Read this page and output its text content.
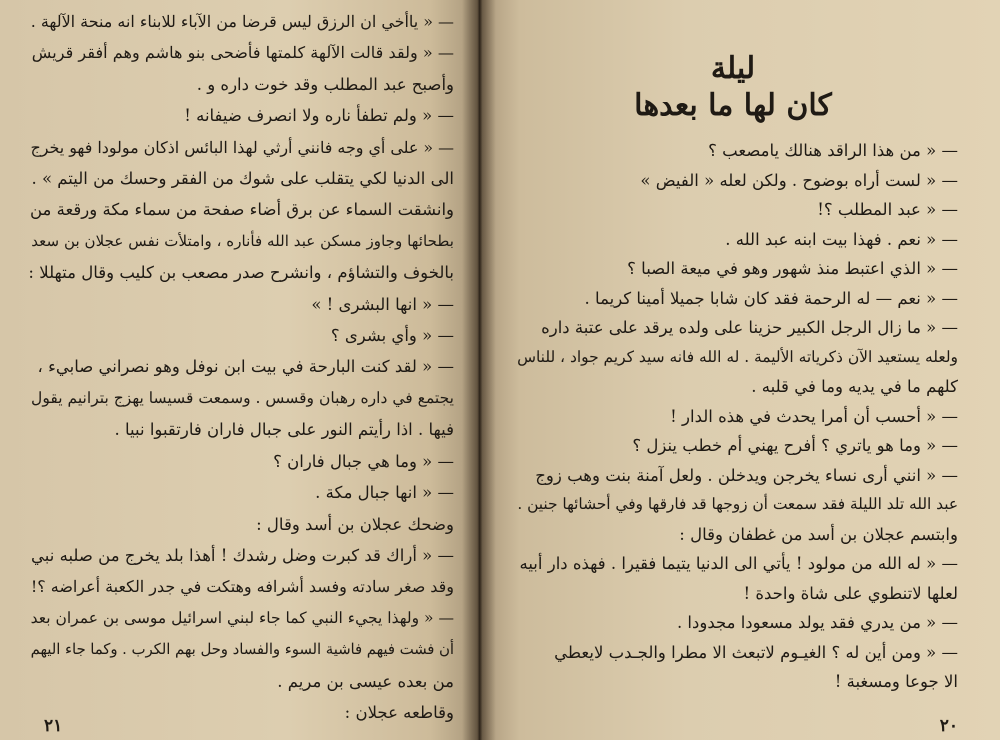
— « ياأخي ان الرزق ليس قرضا من الآباء للابناء انه منحة الآلهة .
— « ولقد قالت الآلهة كلمتها فأضحى بنو هاشم وهم أفقر قريش
وأصبح عبد المطلب وقد خوت داره و .
— « ولم تطفأ ناره ولا انصرف ضيفانه !
— « على أي وجه فانني أرثي لهذا البائس اذكان مولودا فهو يخرج
الى الدنيا لكي يتقلب على شوك من الفقر وحسك من اليتم » .
وانشقت السماء عن برق أضاء صفحة من سماء مكة ورقعة من
بطحائها وجاوز مسكن عبد الله فأناره ، وامتلأت نفس عجلان بن سعد
بالخوف والتشاؤم ، وانشرح صدر مصعب بن كليب وقال متهللا :
— « انها البشرى ! »
— « وأي بشرى ؟
— « لقد كنت البارحة في بيت ابن نوفل وهو نصراني صابيء ،
يجتمع في داره رهبان وقسس . وسمعت قسيسا يهزج بترانيم يقول
فيها . اذا رأيتم النور على جبال فاران فارتقبوا نبيا .
— « وما هي جبال فاران ؟
— « انها جبال مكة .
وضحك عجلان بن أسد وقال :
— « أراك قد كبرت وضل رشدك ! أهذا بلد يخرج من صلبه نبي
وقد صغر سادته وفسد أشرافه وهتكت في جدر الكعبة أعراضه ؟!
— « ولهذا يجيء النبي كما جاء لبني اسرائيل موسى بن عمران بعد
أن فشت فيهم فاشية السوء والفساد وحل بهم الكرب . وكما جاء اليهم
من بعده عيسى بن مريم .
وقاطعه عجلان :
٢١
ليلة
كان لها ما بعدها
— « من هذا الراقد هنالك يامصعب ؟
— « لست أراه بوضوح . ولكن لعله « الفيض »
— « عبد المطلب ؟!
— « نعم . فهذا بيت ابنه عبد الله .
— « الذي اعتبط منذ شهور وهو في ميعة الصبا ؟
— « نعم — له الرحمة فقد كان شابا جميلا أمينا كريما .
— « ما زال الرجل الكبير حزينا على ولده يرقد على عتبة داره
ولعله يستعيد الآن ذكرياته الأليمة . له الله فانه سيد كريم جواد ، للناس
كلهم ما في يديه وما في قلبه .
— « أحسب أن أمرا يحدث في هذه الدار !
— « وما هو ياتري ؟ أفرح يهني أم خطب ينزل ؟
— « انني أرى نساء يخرجن ويدخلن . ولعل آمنة بنت وهب زوج
عبد الله تلد الليلة فقد سمعت أن زوجها قد فارقها وفي أحشائها جنين .
وابتسم عجلان بن أسد من غطفان وقال :
— « له الله من مولود ! يأتي الى الدنيا يتيما فقيرا . فهذه دار أبيه
لعلها لاتنطوي على شاة واحدة !
— « من يدري فقد يولد مسعودا مجدودا .
— « ومن أين له ؟ الغيـوم لاتبعث الا مطرا والجـدب لايعطي
الا جوعا ومسغبة !
٢٠
